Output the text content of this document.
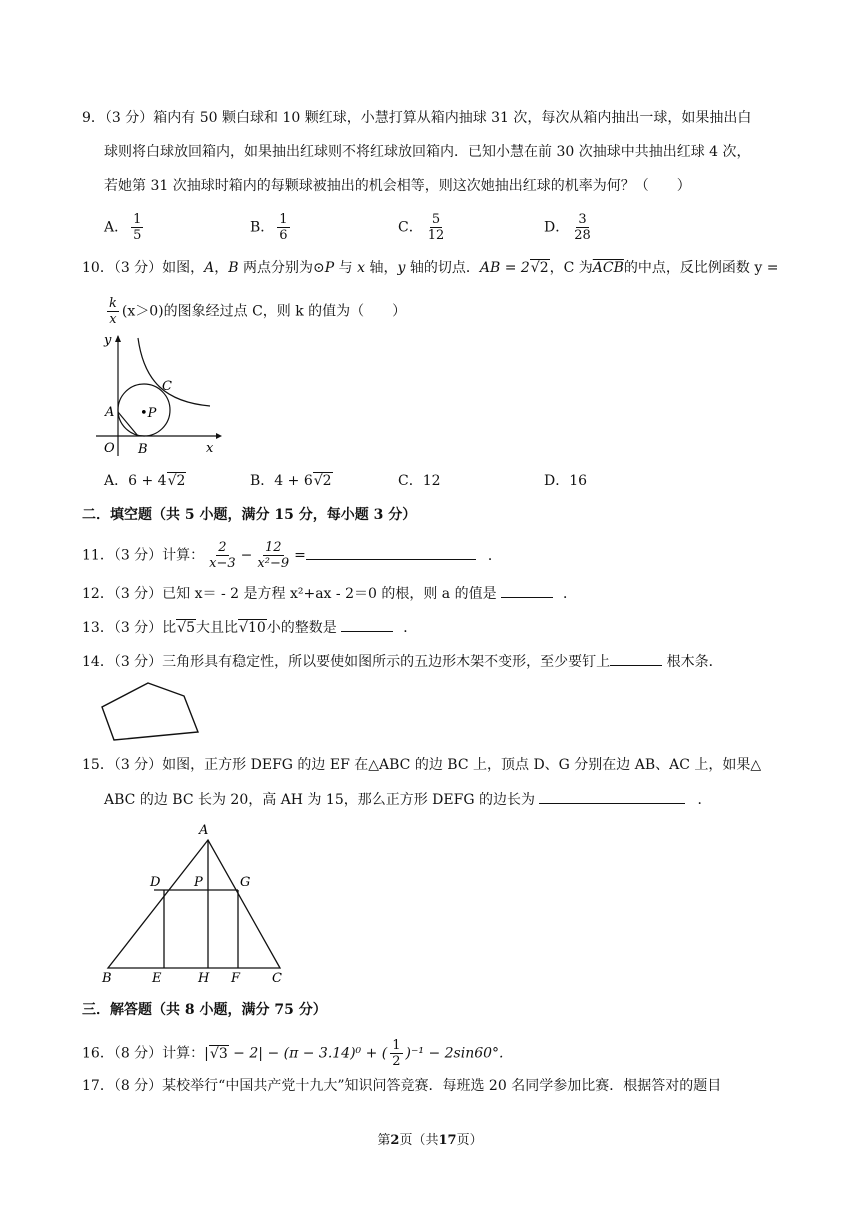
9．（3 分）箱内有 50 颗白球和 10 颗红球，小慧打算从箱内抽球 31 次，每次从箱内抽出一球，如果抽出白
球则将白球放回箱内，如果抽出红球则不将红球放回箱内．已知小慧在前 30 次抽球中共抽出红球 4 次，
若她第 31 次抽球时箱内的每颗球被抽出的机会相等，则这次她抽出红球的机率为何？（　　）
A． $\frac{1}{5}$	B． $\frac{1}{6}$	C． $\frac{5}{12}$	D． $\frac{3}{28}$
10．（3 分）如图，A，B 两点分别为⊙P 与 x 轴，y 轴的切点．AB = 2√2，C 为$\overline{ACB}$的中点，反比例函数 y =
$\frac{k}{x} (x>0)$的图象经过点 C，则 k 的值为（　　）
y
x
O
A
B
C
•P
A．6 + 4√2	B．4 + 6√2	C．12	D．16
二．填空题（共 5 小题，满分 15 分，每小题 3 分）
11．（3 分）计算： $\frac{2}{x-3} - \frac{12}{\text{x²−9}}$ =	．
12．（3 分）已知 x＝ - 2 是方程 x²+ax - 2＝0 的根，则 a 的值是	．
13．（3 分）比√5大且比√10小的整数是	．
14．（3 分）三角形具有稳定性，所以要使如图所示的五边形木架不变形，至少要钉上	根木条．
15．（3 分）如图，正方形 DEFG 的边 EF 在△ABC 的边 BC 上，顶点 D、G 分别在边 AB、AC 上，如果△
ABC 的边 BC 长为 20，高 AH 为 15，那么正方形 DEFG 的边长为	．
A
B	C
D
E	F
G
H
P
三．解答题（共 8 小题，满分 75 分）
16．（8 分）计算：|√3 − 2| − (π − 3.14)⁰ + ( $\frac{1}{2} )^{-1} - 2\sin 60^\circ$.
17．（8 分）某校举行“中国共产党十九大”知识问答竞赛．每班选 20 名同学参加比赛．根据答对的题目
第2页（共17页）
